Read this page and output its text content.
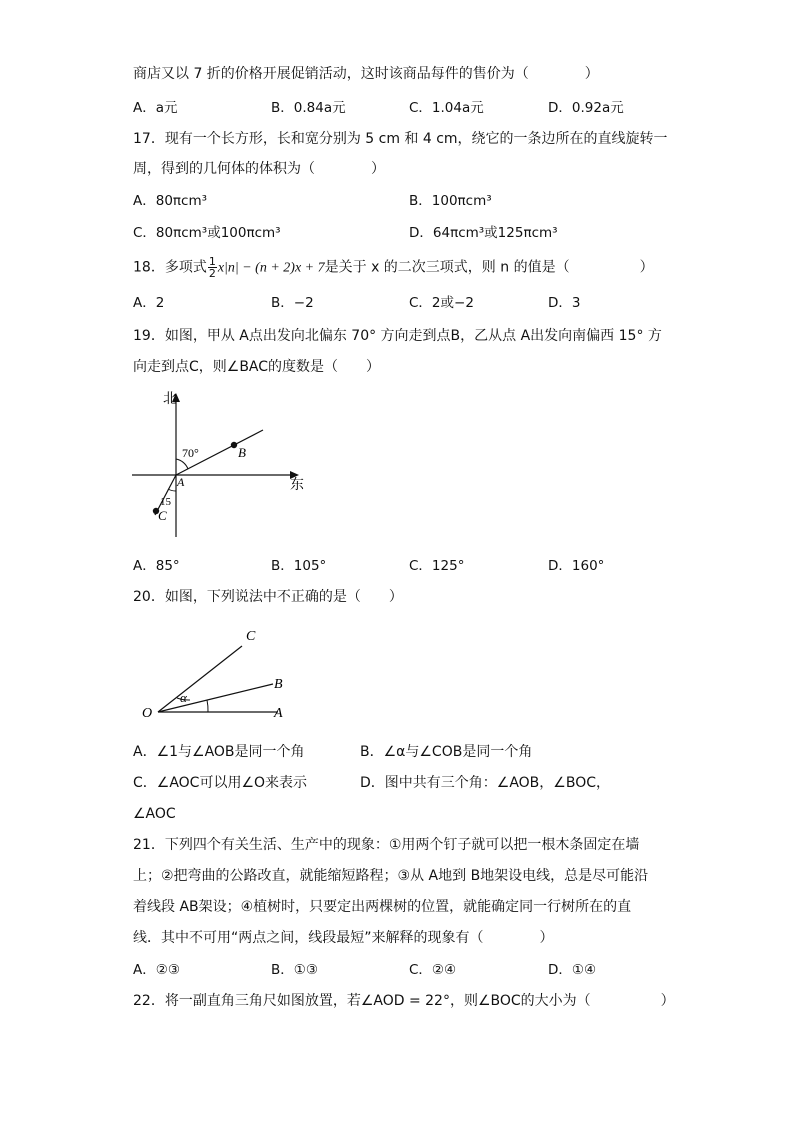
商店又以 7 折的价格开展促销活动，这时该商品每件的售价为（　　　　）
A．a元	B．0.84a元	C．1.04a元	D．0.92a元
17．现有一个长方形，长和宽分别为 5 cm 和 4 cm，绕它的一条边所在的直线旋转一
周，得到的几何体的体积为（　　　　）
A．80πcm³	B．100πcm³
C．80πcm³或100πcm³	D．64πcm³或125πcm³
18．多项式 $\frac{1}{2} x|n| - (n + 2)x + 7$是关于 x 的二次三项式，则 n 的值是（　　　　　）
A．2	B．−2	C．2或−2	D．3
19．如图，甲从 A点出发向北偏东 70° 方向走到点B，乙从点 A出发向南偏西 15° 方
向走到点C，则∠BAC的度数是（　　）
北
东
70°
15
A
B
C
A．85°	B．105°	C．125°	D．160°
20．如图，下列说法中不正确的是（　　）
O	A
B
C
α
A．∠1与∠AOB是同一个角	B．∠α与∠COB是同一个角
C．∠AOC可以用∠O来表示	D．图中共有三个角：∠AOB，∠BOC，
∠AOC
21．下列四个有关生活、生产中的现象：①用两个钉子就可以把一根木条固定在墙
上；②把弯曲的公路改直，就能缩短路程；③从 A地到 B地架设电线，总是尽可能沿
着线段 AB架设；④植树时，只要定出两棵树的位置，就能确定同一行树所在的直
线．其中不可用“两点之间，线段最短”来解释的现象有（　　　　）
A．②③	B．①③	C．②④	D．①④
22．将一副直角三角尺如图放置，若∠AOD = 22°，则∠BOC的大小为（　　　　　）
